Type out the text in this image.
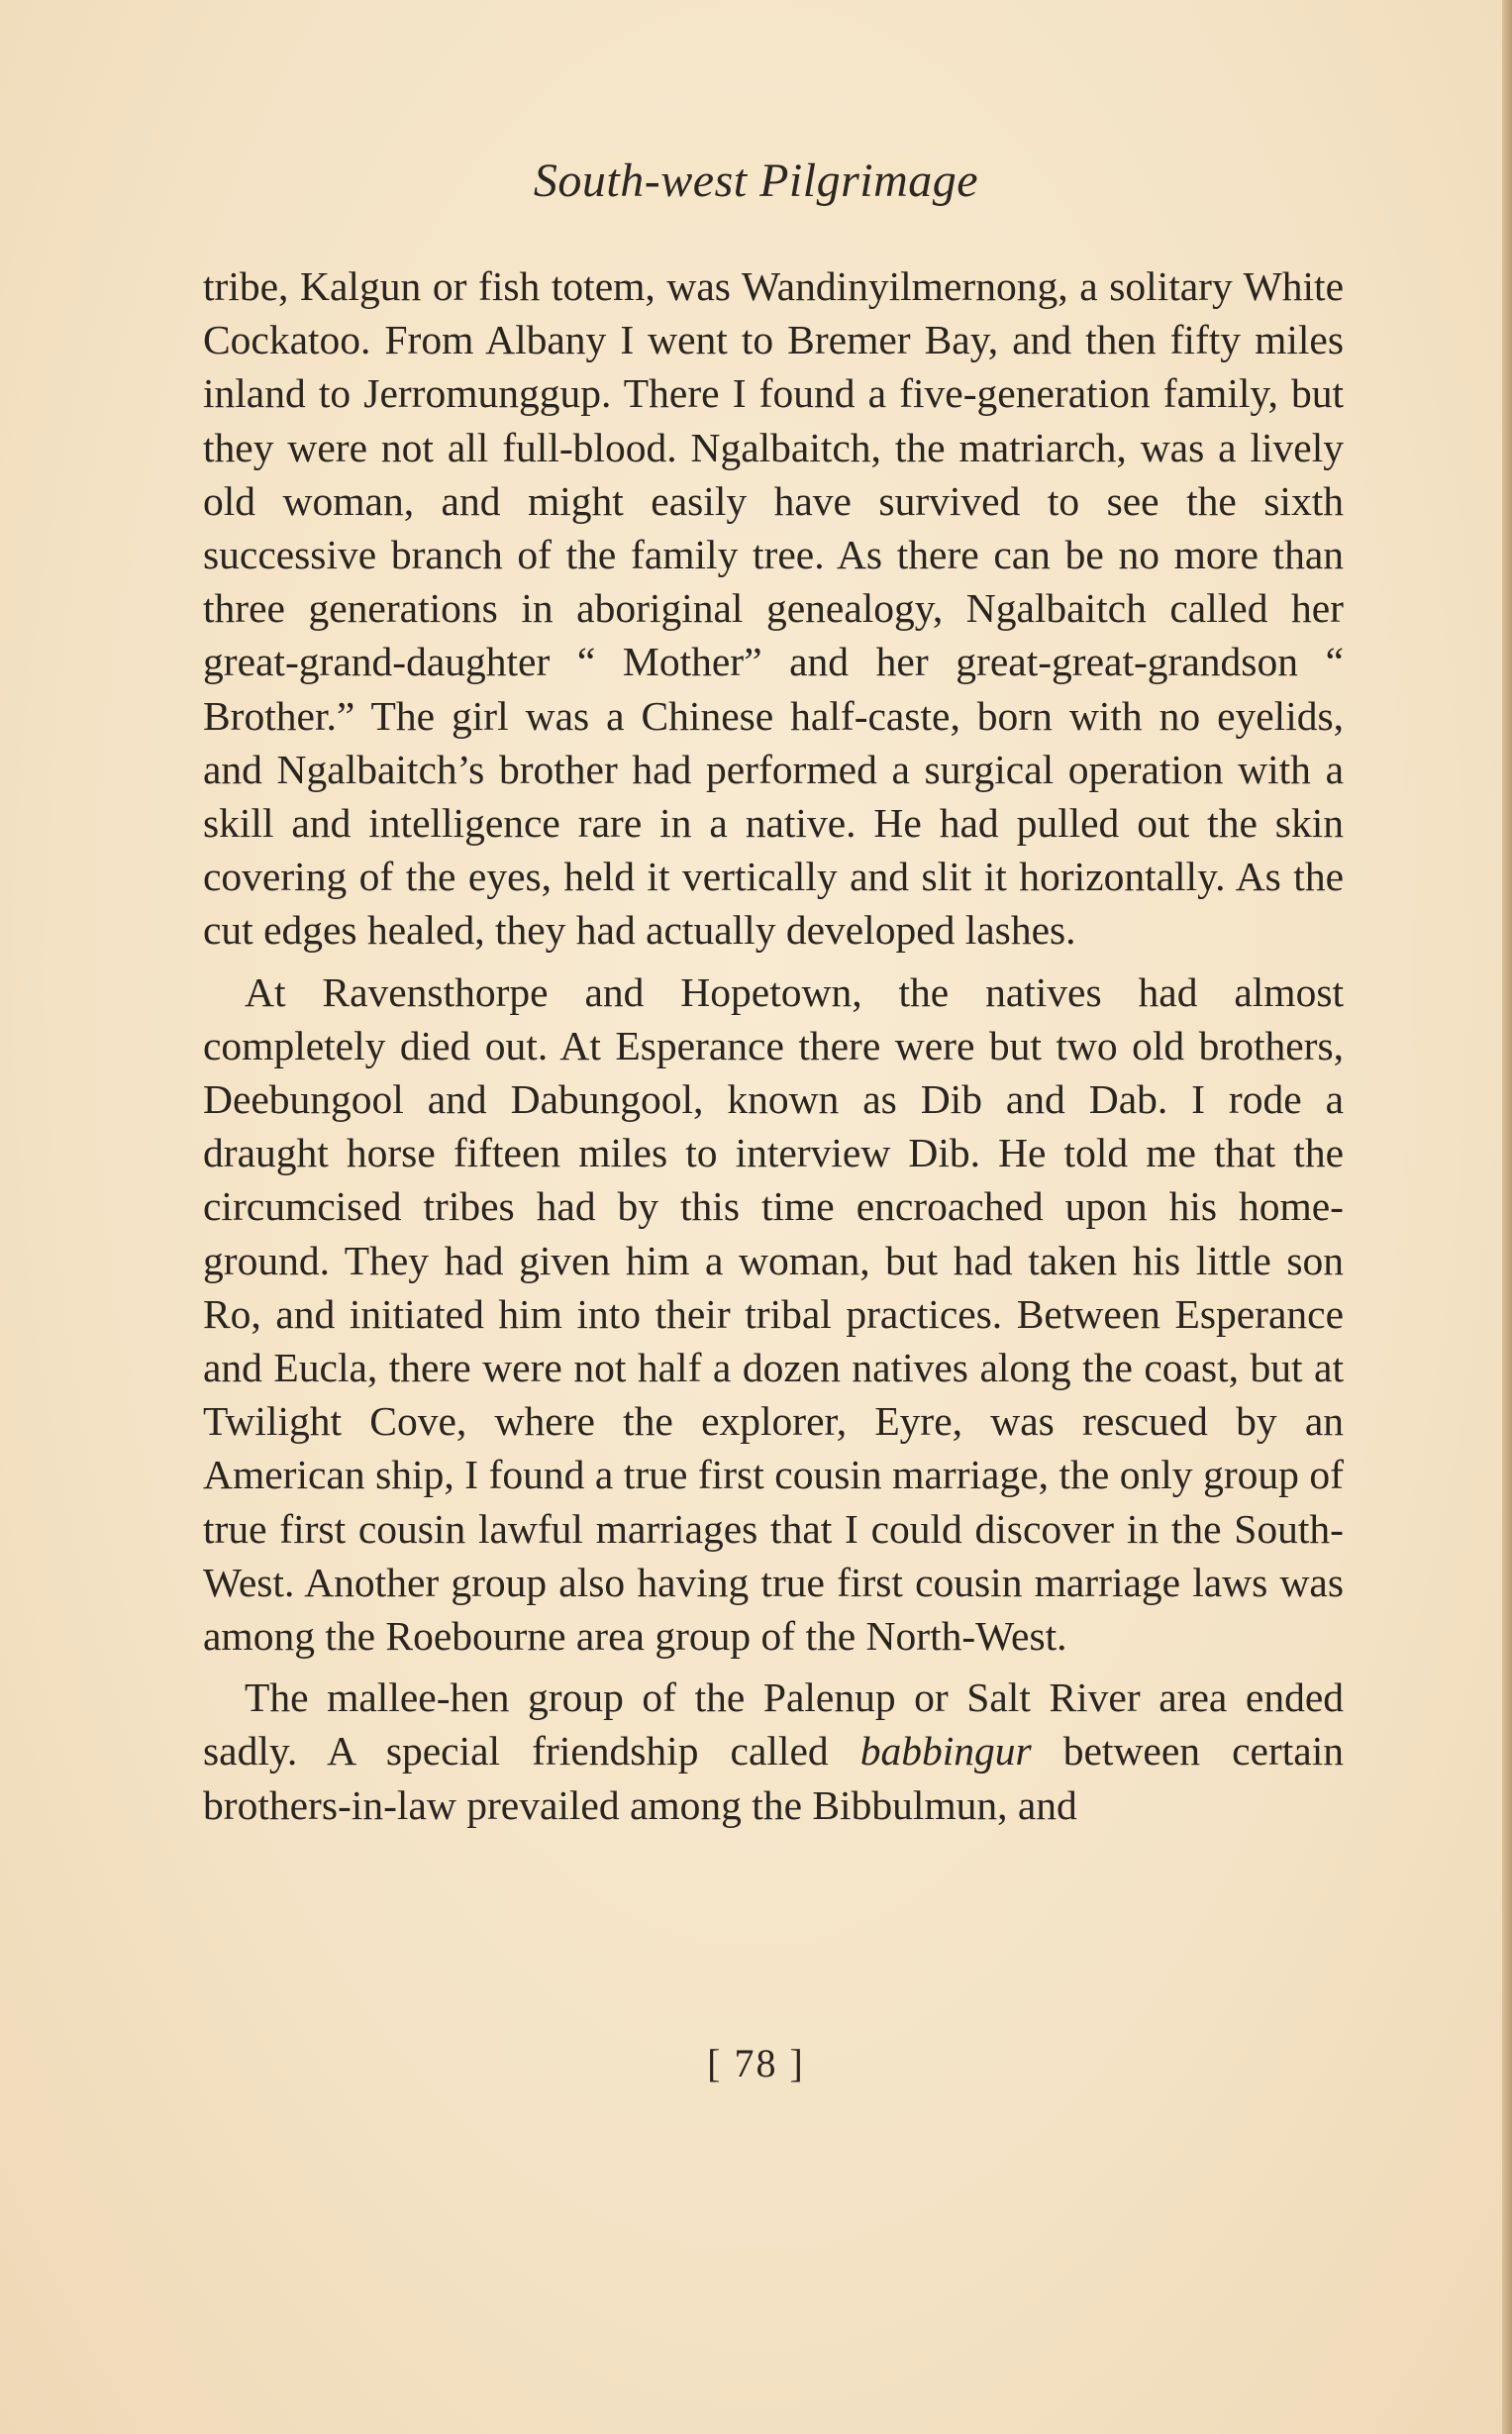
South-west Pilgrimage

tribe, Kalgun or fish totem, was Wandinyilmernong, a solitary White Cockatoo. From Albany I went to Bremer Bay, and then fifty miles inland to Jerromunggup. There I found a five-generation family, but they were not all full-blood. Ngalbaitch, the matriarch, was a lively old woman, and might easily have survived to see the sixth successive branch of the family tree. As there can be no more than three generations in aboriginal genealogy, Ngalbaitch called her great-grand-daughter “ Mother” and her great-great-grandson “ Brother.” The girl was a Chinese half-caste, born with no eyelids, and Ngalbaitch’s brother had performed a surgical operation with a skill and intelligence rare in a native. He had pulled out the skin covering of the eyes, held it vertically and slit it horizontally. As the cut edges healed, they had actually developed lashes.

At Ravensthorpe and Hopetown, the natives had almost completely died out. At Esperance there were but two old brothers, Deebungool and Dabungool, known as Dib and Dab. I rode a draught horse fifteen miles to interview Dib. He told me that the circumcised tribes had by this time encroached upon his home-ground. They had given him a woman, but had taken his little son Ro, and initiated him into their tribal practices. Between Esperance and Eucla, there were not half a dozen natives along the coast, but at Twilight Cove, where the explorer, Eyre, was rescued by an American ship, I found a true first cousin marriage, the only group of true first cousin lawful marriages that I could discover in the South-West. Another group also having true first cousin marriage laws was among the Roebourne area group of the North-West.

The mallee-hen group of the Palenup or Salt River area ended sadly. A special friendship called babbingur between certain brothers-in-law prevailed among the Bibbulmun, and

[ 78 ]
